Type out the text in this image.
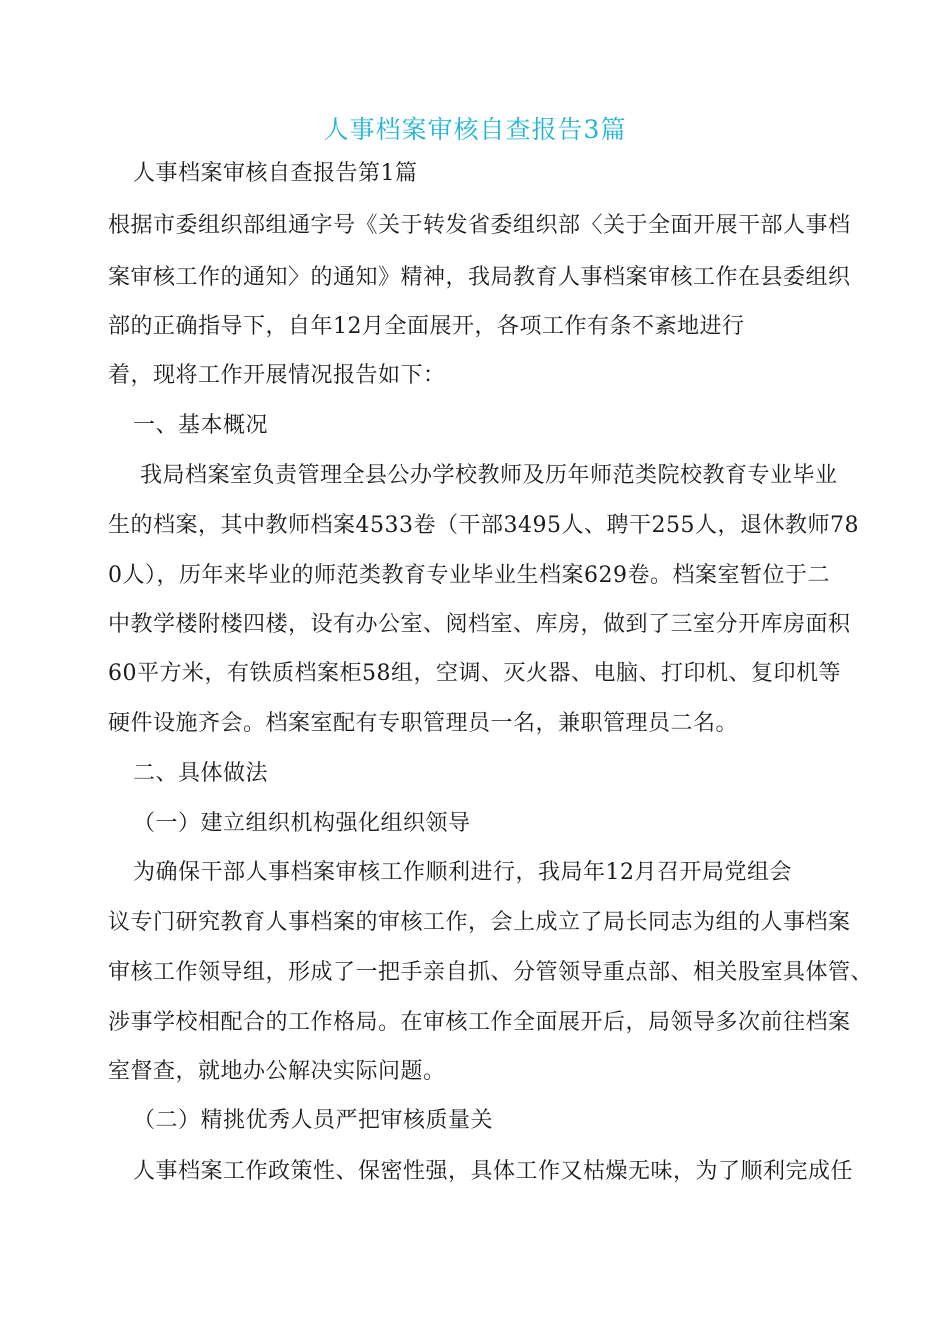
人事档案审核自查报告3篇
人事档案审核自查报告第1篇
根据市委组织部组通字号《关于转发省委组织部〈关于全面开展干部人事档
案审核工作的通知〉的通知》精神，我局教育人事档案审核工作在县委组织
部的正确指导下，自年12月全面展开，各项工作有条不紊地进行
着，现将工作开展情况报告如下：
一、基本概况
我局档案室负责管理全县公办学校教师及历年师范类院校教育专业毕业
生的档案，其中教师档案4533卷（干部3495人、聘干255人，退休教师78
0人），历年来毕业的师范类教育专业毕业生档案629卷。档案室暂位于二
中教学楼附楼四楼，设有办公室、阅档室、库房，做到了三室分开库房面积
60平方米，有铁质档案柜58组，空调、灭火器、电脑、打印机、复印机等
硬件设施齐会。档案室配有专职管理员一名，兼职管理员二名。
二、具体做法
（一）建立组织机构强化组织领导
为确保干部人事档案审核工作顺利进行，我局年12月召开局党组会
议专门研究教育人事档案的审核工作，会上成立了局长同志为组的人事档案
审核工作领导组，形成了一把手亲自抓、分管领导重点部、相关股室具体管、
涉事学校相配合的工作格局。在审核工作全面展开后，局领导多次前往档案
室督查，就地办公解决实际问题。
（二）精挑优秀人员严把审核质量关
人事档案工作政策性、保密性强，具体工作又枯燥无味，为了顺利完成任
